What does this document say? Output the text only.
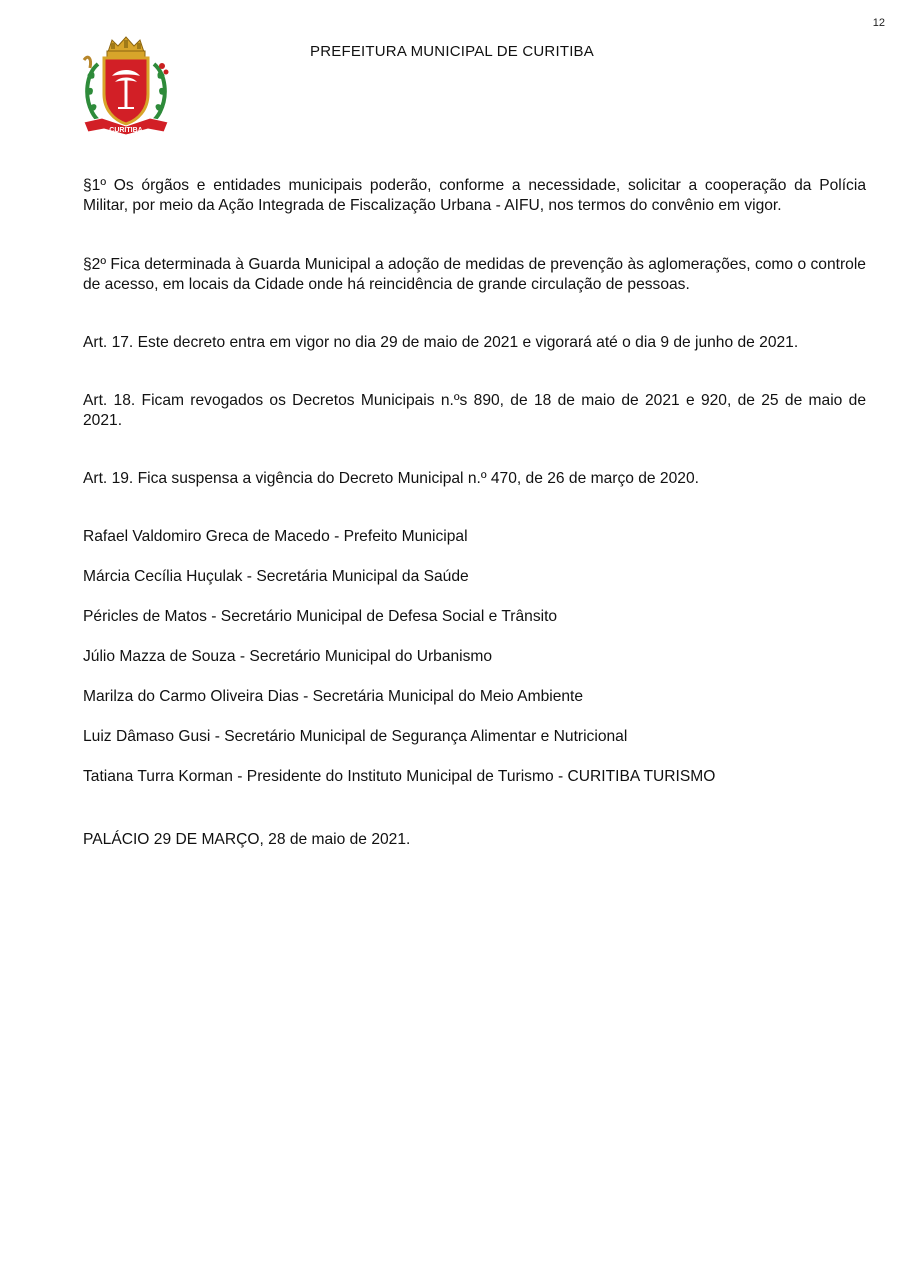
12
CURITIBA
PREFEITURA MUNICIPAL DE CURITIBA

§1º Os órgãos e entidades municipais poderão, conforme a necessidade, solicitar a cooperação da Polícia Militar, por meio da Ação Integrada de Fiscalização Urbana - AIFU, nos termos do convênio em vigor.

§2º Fica determinada à Guarda Municipal a adoção de medidas de prevenção às aglomerações, como o controle de acesso, em locais da Cidade onde há reincidência de grande circulação de pessoas.

Art. 17. Este decreto entra em vigor no dia 29 de maio de 2021 e vigorará até o dia 9 de junho de 2021.

Art. 18. Ficam revogados os Decretos Municipais n.ºs 890, de 18 de maio de 2021 e 920, de 25 de maio de 2021.

Art. 19. Fica suspensa a vigência do Decreto Municipal n.º 470, de 26 de março de 2020.

Rafael Valdomiro Greca de Macedo - Prefeito Municipal

Márcia Cecília Huçulak - Secretária Municipal da Saúde

Péricles de Matos - Secretário Municipal de Defesa Social e Trânsito

Júlio Mazza de Souza - Secretário Municipal do Urbanismo

Marilza do Carmo Oliveira Dias - Secretária Municipal do Meio Ambiente

Luiz Dâmaso Gusi - Secretário Municipal de Segurança Alimentar e Nutricional

Tatiana Turra Korman - Presidente do Instituto Municipal de Turismo - CURITIBA TURISMO

PALÁCIO 29 DE MARÇO, 28 de maio de 2021.
